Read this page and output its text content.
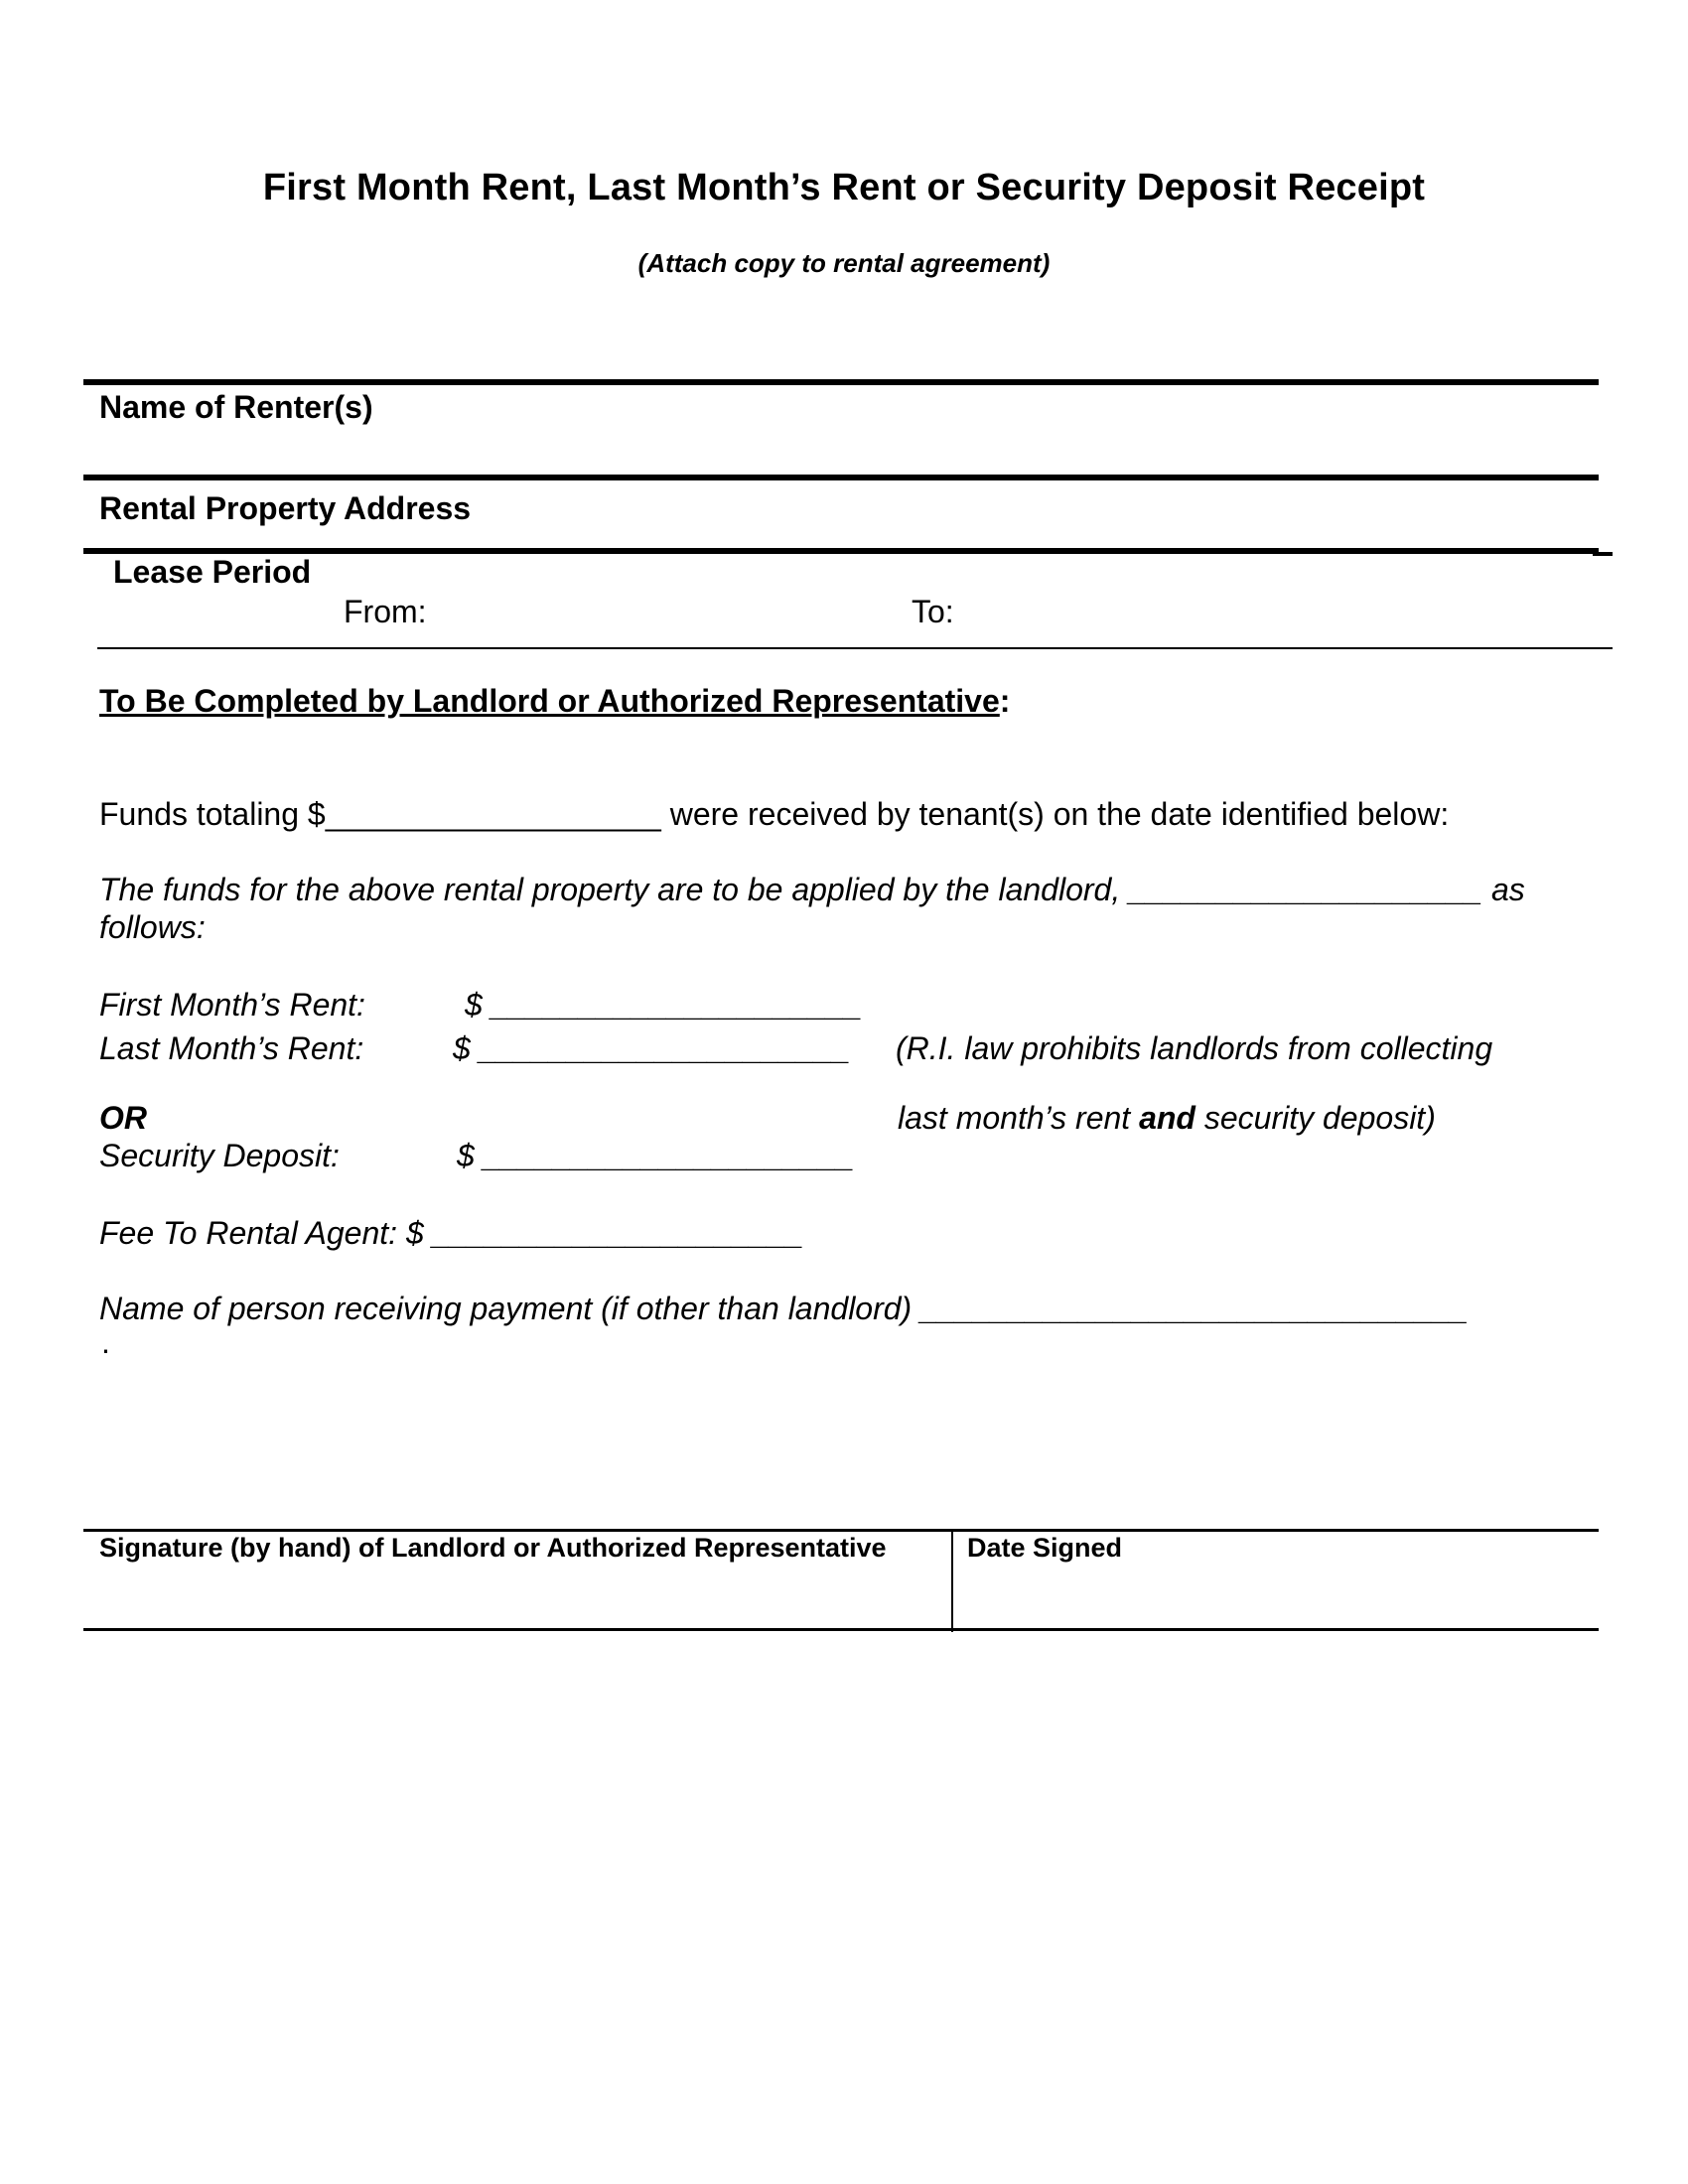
First Month Rent, Last Month’s Rent or Security Deposit Receipt
(Attach copy to rental agreement)
Name of Renter(s)
Rental Property Address
Lease Period
From:	To:
To Be Completed by Landlord or Authorized Representative:
Funds totaling $___________________ were received by tenant(s) on the date identified below:
The funds for the above rental property are to be applied by the landlord, ____________________ as
follows:
First Month’s Rent:	$ _____________________
Last Month’s Rent:	$ _____________________ (R.I. law prohibits landlords from collecting
OR	last month’s rent and security deposit)
Security Deposit:	$ _____________________
Fee To Rental Agent: $ _____________________
Name of person receiving payment (if other than landlord) _______________________________
.
Signature (by hand) of Landlord or Authorized Representative	Date Signed
